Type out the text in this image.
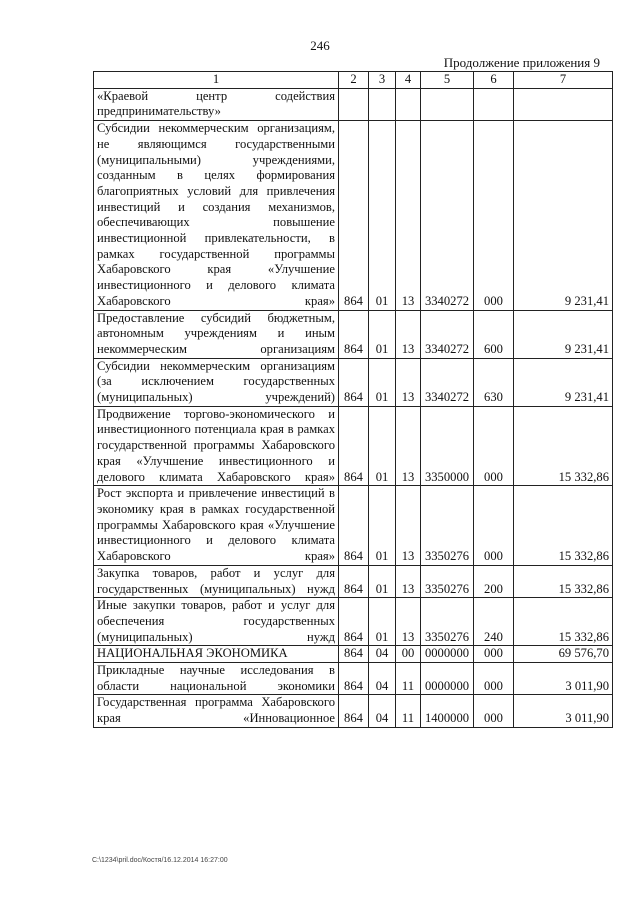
246
Продолжение приложения 9
1	2	3	4	5	6	7
«Краевой центр содействия предпринимательству»						
Субсидии некоммерческим организациям, не являющимся государственными (муниципальными) учреждениями, созданным в целях формирования благоприятных условий для привлечения инвестиций и создания механизмов, обеспечивающих повышение инвестиционной привлекательности, в рамках государственной программы Хабаровского края «Улучшение инвестиционного и делового климата Хабаровского края»	864	01	13	3340272	000	9 231,41
Предоставление субсидий бюджетным, автономным учреждениям и иным некоммерческим организациям	864	01	13	3340272	600	9 231,41
Субсидии некоммерческим организациям (за исключением государственных (муниципальных) учреждений)	864	01	13	3340272	630	9 231,41
Продвижение торгово-экономического и инвестиционного потенциала края в рамках государственной программы Хабаровского края «Улучшение инвестиционного и делового климата Хабаровского края»	864	01	13	3350000	000	15 332,86
Рост экспорта и привлечение инвестиций в экономику края в рамках государственной программы Хабаровского края «Улучшение инвестиционного и делового климата Хабаровского края»	864	01	13	3350276	000	15 332,86
Закупка товаров, работ и услуг для государственных (муниципальных) нужд	864	01	13	3350276	200	15 332,86
Иные закупки товаров, работ и услуг для обеспечения государственных (муниципальных) нужд	864	01	13	3350276	240	15 332,86
НАЦИОНАЛЬНАЯ ЭКОНОМИКА	864	04	00	0000000	000	69 576,70
Прикладные научные исследования в области национальной экономики	864	04	11	0000000	000	3 011,90
Государственная программа Хабаровского края «Инновационное	864	04	11	1400000	000	3 011,90
C:\1234\pril.doc/Костя/16.12.2014 16:27:00
